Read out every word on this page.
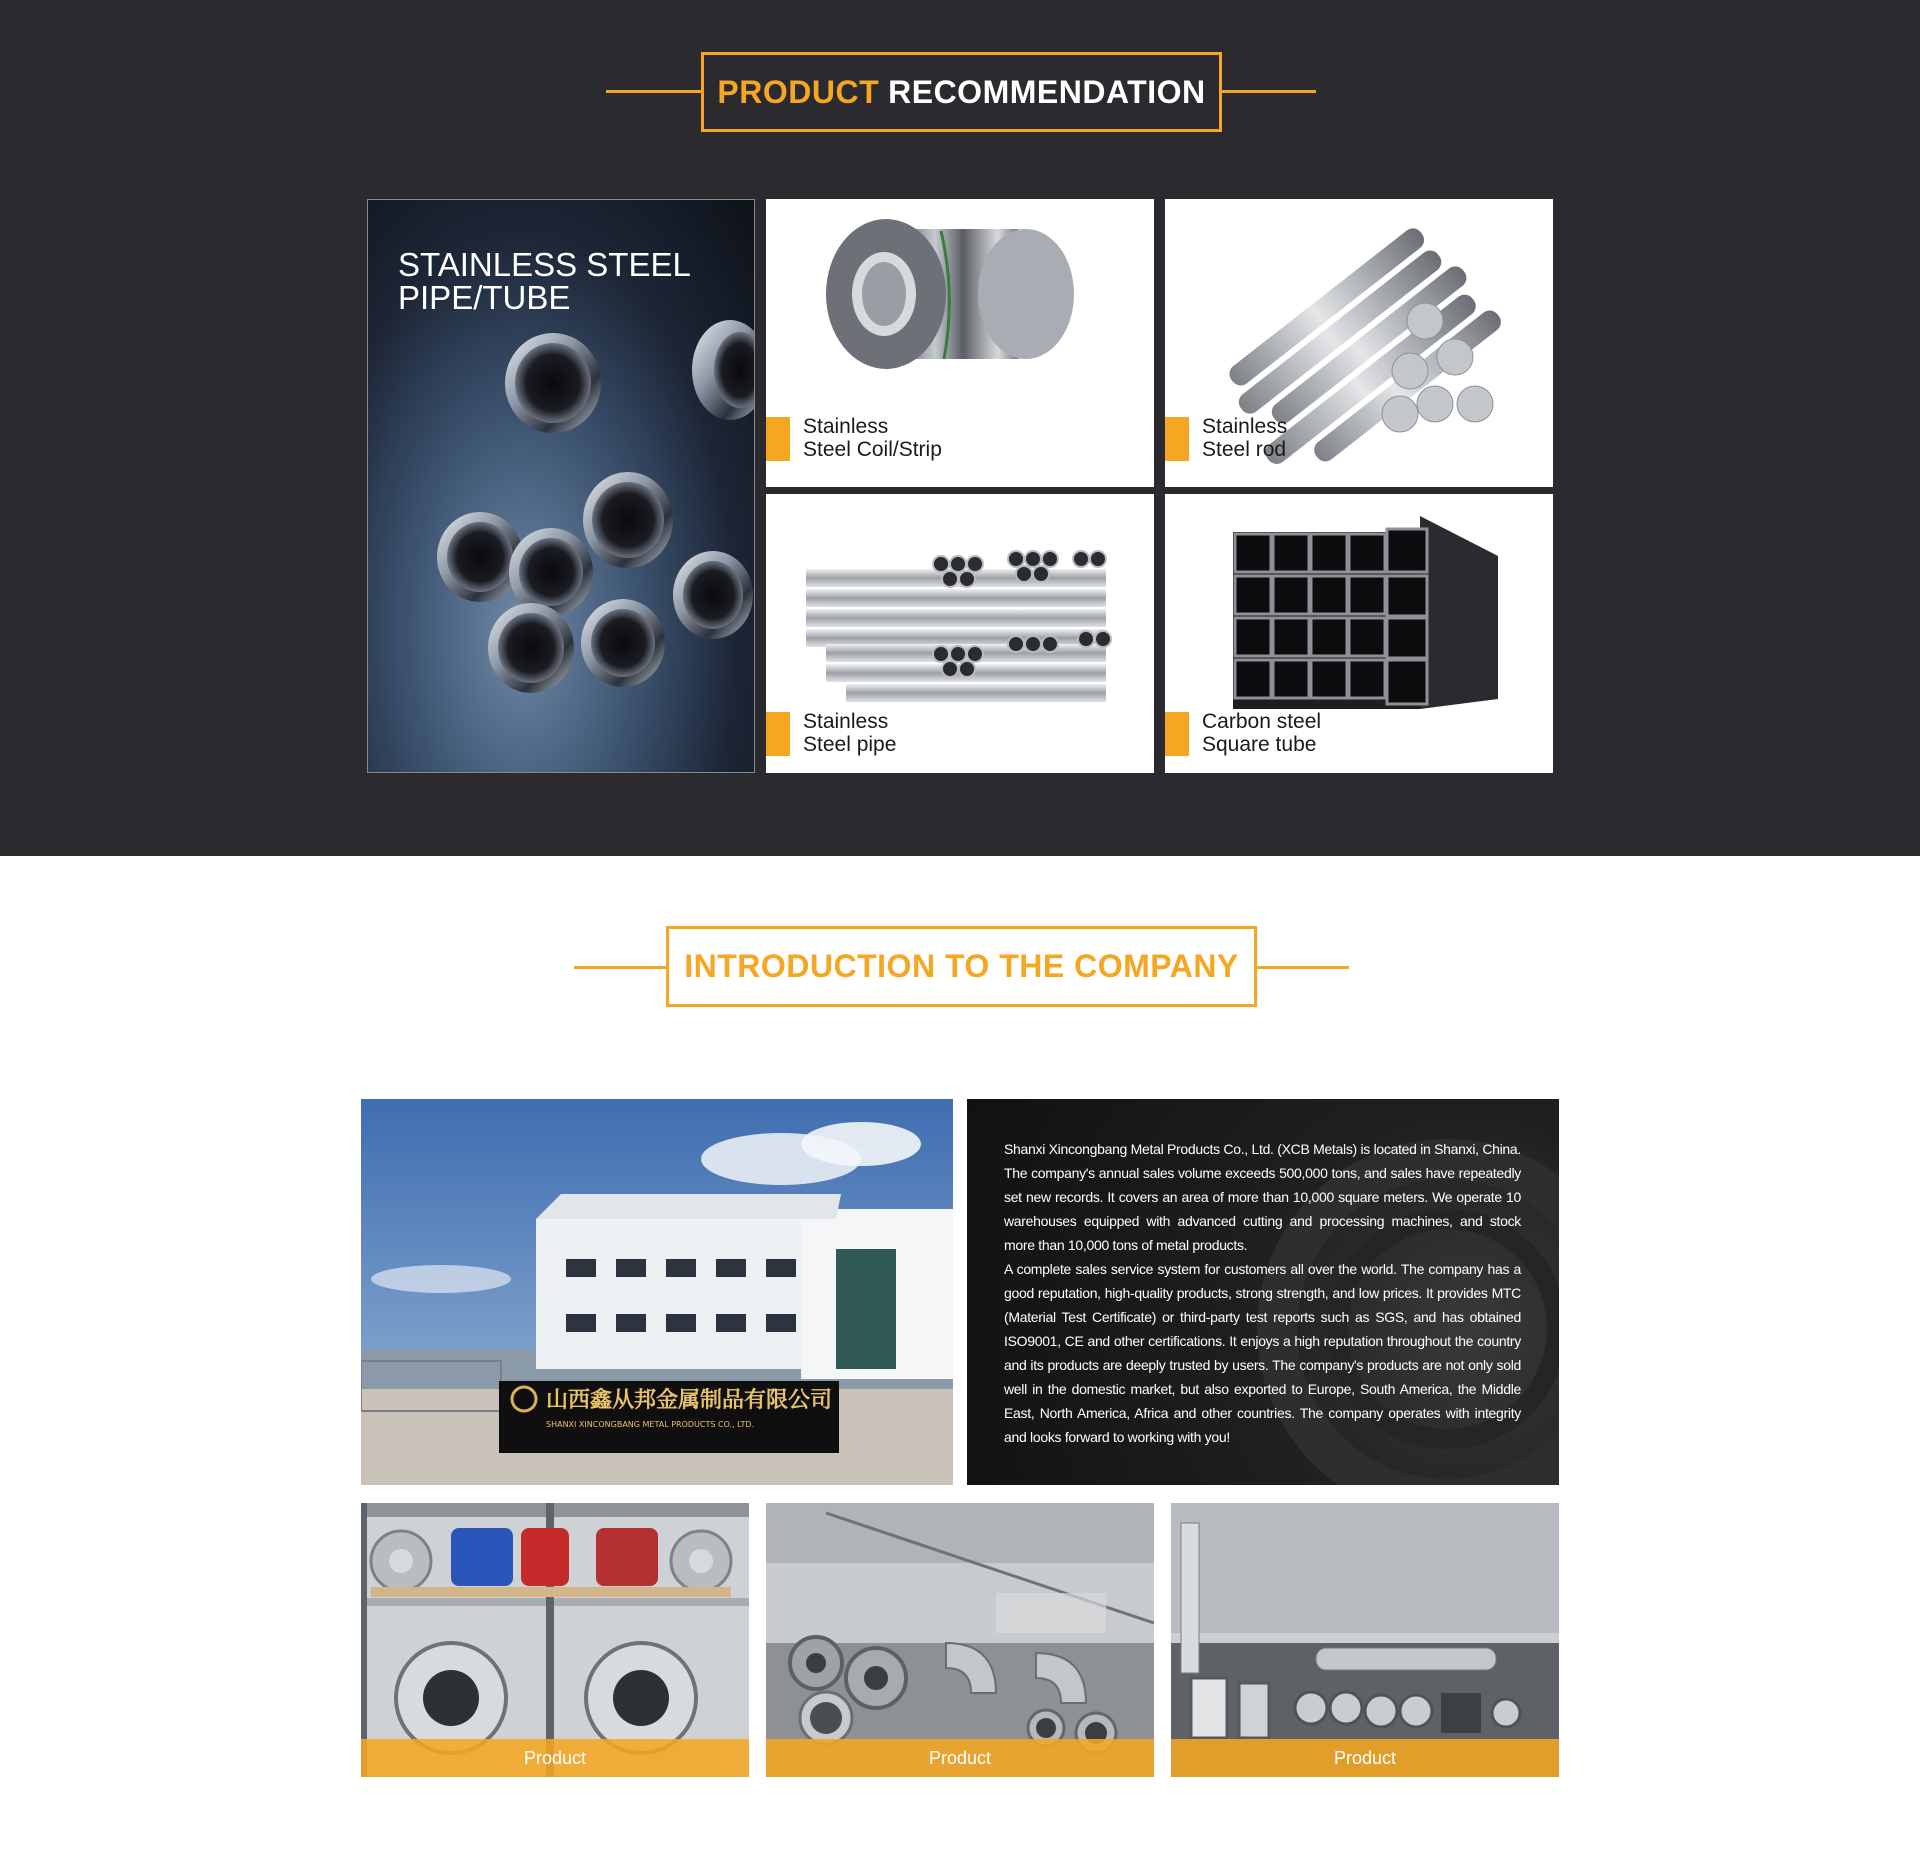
PRODUCT RECOMMENDATION
STAINLESS STEEL
PIPE/TUBE
Stainless
Steel Coil/Strip
Stainless
Steel rod
Stainless
Steel pipe
Carbon steel
Square tube
INTRODUCTION TO THE COMPANY
山西鑫从邦金属制品有限公司
SHANXI XINCONGBANG METAL PRODUCTS CO., LTD.

Shanxi Xincongbang Metal Products Co., Ltd. (XCB Metals) is located in Shanxi, China. The company's annual sales volume exceeds 500,000 tons, and sales have repeatedly set new records. It covers an area of more than 10,000 square meters. We operate 10 warehouses equipped with advanced cutting and processing machines, and stock more than 10,000 tons of metal products.

A complete sales service system for customers all over the world. The company has a good reputation, high-quality products, strong strength, and low prices. It provides MTC (Material Test Certificate) or third-party test reports such as SGS, and has obtained ISO9001, CE and other certifications. It enjoys a high reputation throughout the country and its products are deeply trusted by users. The company's products are not only sold well in the domestic market, but also exported to Europe, South America, the Middle East, North America, Africa and other countries. The company operates with integrity and looks forward to working with you!

Product	Product	Product
